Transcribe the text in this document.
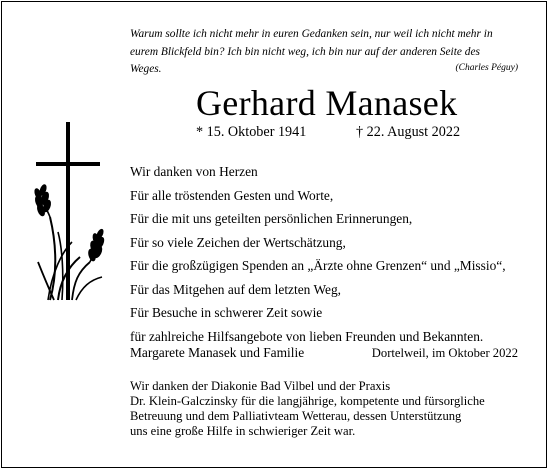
Warum sollte ich nicht mehr in euren Gedanken sein, nur weil ich nicht mehr in
eurem Blickfeld bin? Ich bin nicht weg, ich bin nur auf der anderen Seite des Weges.	(Charles Péguy)
Gerhard Manasek
* 15. Oktober 1941	† 22. August 2022
Wir danken von Herzen
Für alle tröstenden Gesten und Worte,
Für die mit uns geteilten persönlichen Erinnerungen,
Für so viele Zeichen der Wertschätzung,
Für die großzügigen Spenden an „Ärzte ohne Grenzen“ und „Missio“,
Für das Mitgehen auf dem letzten Weg,
Für Besuche in schwerer Zeit sowie
für zahlreiche Hilfsangebote von lieben Freunden und Bekannten.
Margarete Manasek und Familie	Dortelweil, im Oktober 2022
Wir danken der Diakonie Bad Vilbel und der Praxis
Dr. Klein-Galczinsky für die langjährige, kompetente und fürsorgliche
Betreuung und dem Palliativteam Wetterau, dessen Unterstützung
uns eine große Hilfe in schwieriger Zeit war.
